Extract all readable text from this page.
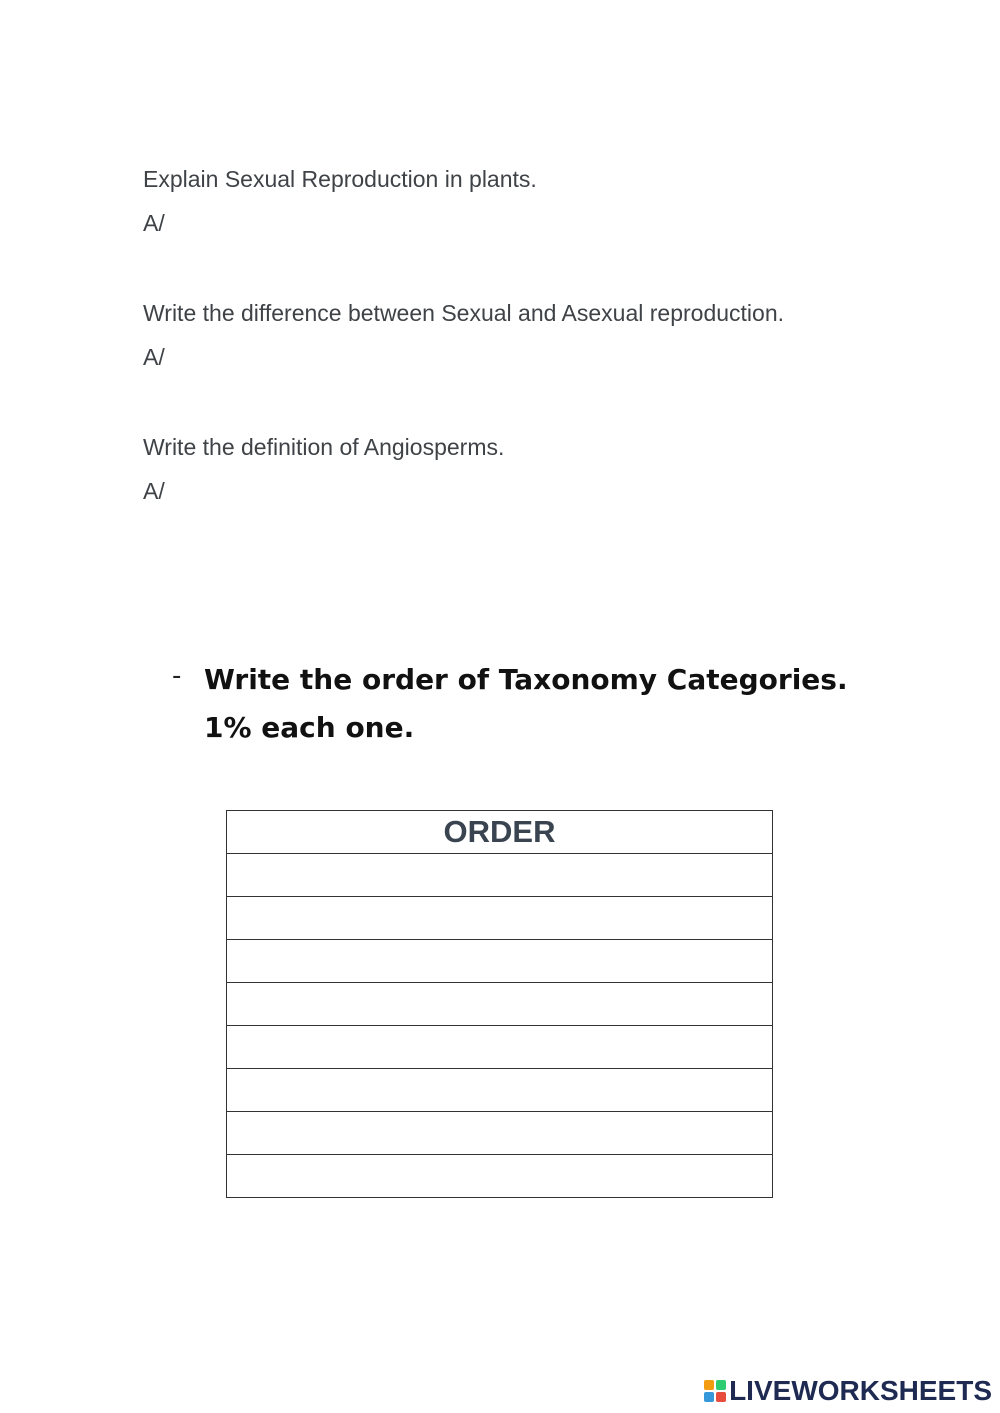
Explain Sexual Reproduction in plants.
A/
Write the difference between Sexual and Asexual reproduction.
A/
Write the definition of Angiosperms.
A/
- Write the order of Taxonomy Categories.
1% each one.
ORDER

LIVEWORKSHEETS
